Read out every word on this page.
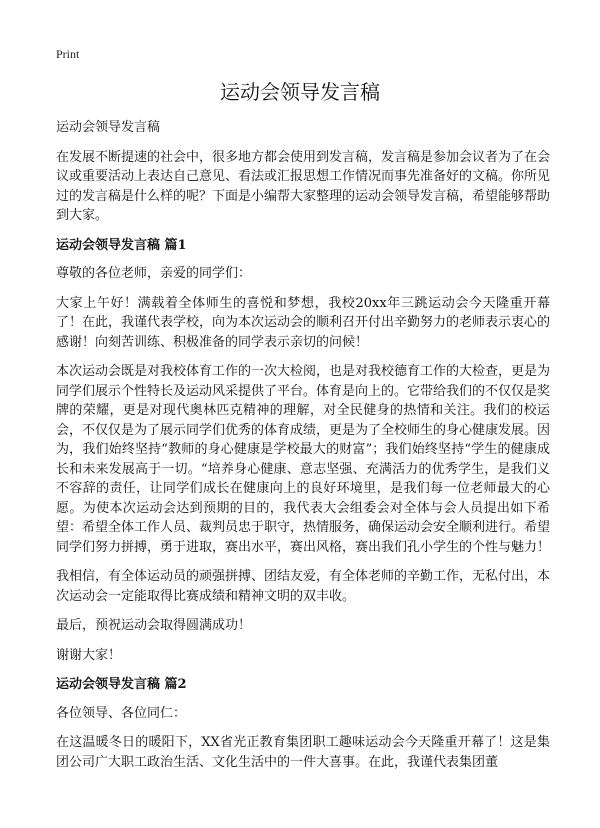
Print
运动会领导发言稿

运动会领导发言稿

在发展不断提速的社会中，很多地方都会使用到发言稿，发言稿是参加会议者为了在会议或重要活动上表达自己意见、看法或汇报思想工作情况而事先准备好的文稿。你所见过的发言稿是什么样的呢？下面是小编帮大家整理的运动会领导发言稿，希望能够帮助到大家。

运动会领导发言稿 篇1

尊敬的各位老师，亲爱的同学们：

大家上午好！满载着全体师生的喜悦和梦想，我校20xx年三跳运动会今天隆重开幕了！在此，我谨代表学校，向为本次运动会的顺利召开付出辛勤努力的老师表示衷心的感谢！向刻苦训练、积极准备的同学表示亲切的问候！

本次运动会既是对我校体育工作的一次大检阅，也是对我校德育工作的大检查，更是为同学们展示个性特长及运动风采提供了平台。体育是向上的。它带给我们的不仅仅是奖牌的荣耀，更是对现代奥林匹克精神的理解，对全民健身的热情和关注。我们的校运会，不仅仅是为了展示同学们优秀的体育成绩，更是为了全校师生的身心健康发展。因为，我们始终坚持“教师的身心健康是学校最大的财富”；我们始终坚持“学生的健康成长和未来发展高于一切。“培养身心健康、意志坚强、充满活力的优秀学生，是我们义不容辞的责任，让同学们成长在健康向上的良好环境里，是我们每一位老师最大的心愿。为使本次运动会达到预期的目的，我代表大会组委会对全体与会人员提出如下希望：希望全体工作人员、裁判员忠于职守，热情服务，确保运动会安全顺利进行。希望同学们努力拼搏，勇于进取，赛出水平，赛出风格，赛出我们孔小学生的个性与魅力！

我相信，有全体运动员的顽强拼搏、团结友爱，有全体老师的辛勤工作，无私付出，本次运动会一定能取得比赛成绩和精神文明的双丰收。

最后，预祝运动会取得圆满成功！

谢谢大家！

运动会领导发言稿 篇2

各位领导、各位同仁：

在这温暖冬日的暖阳下，XX省光正教育集团职工趣味运动会今天隆重开幕了！这是集团公司广大职工政治生活、文化生活中的一件大喜事。在此，我谨代表集团董
